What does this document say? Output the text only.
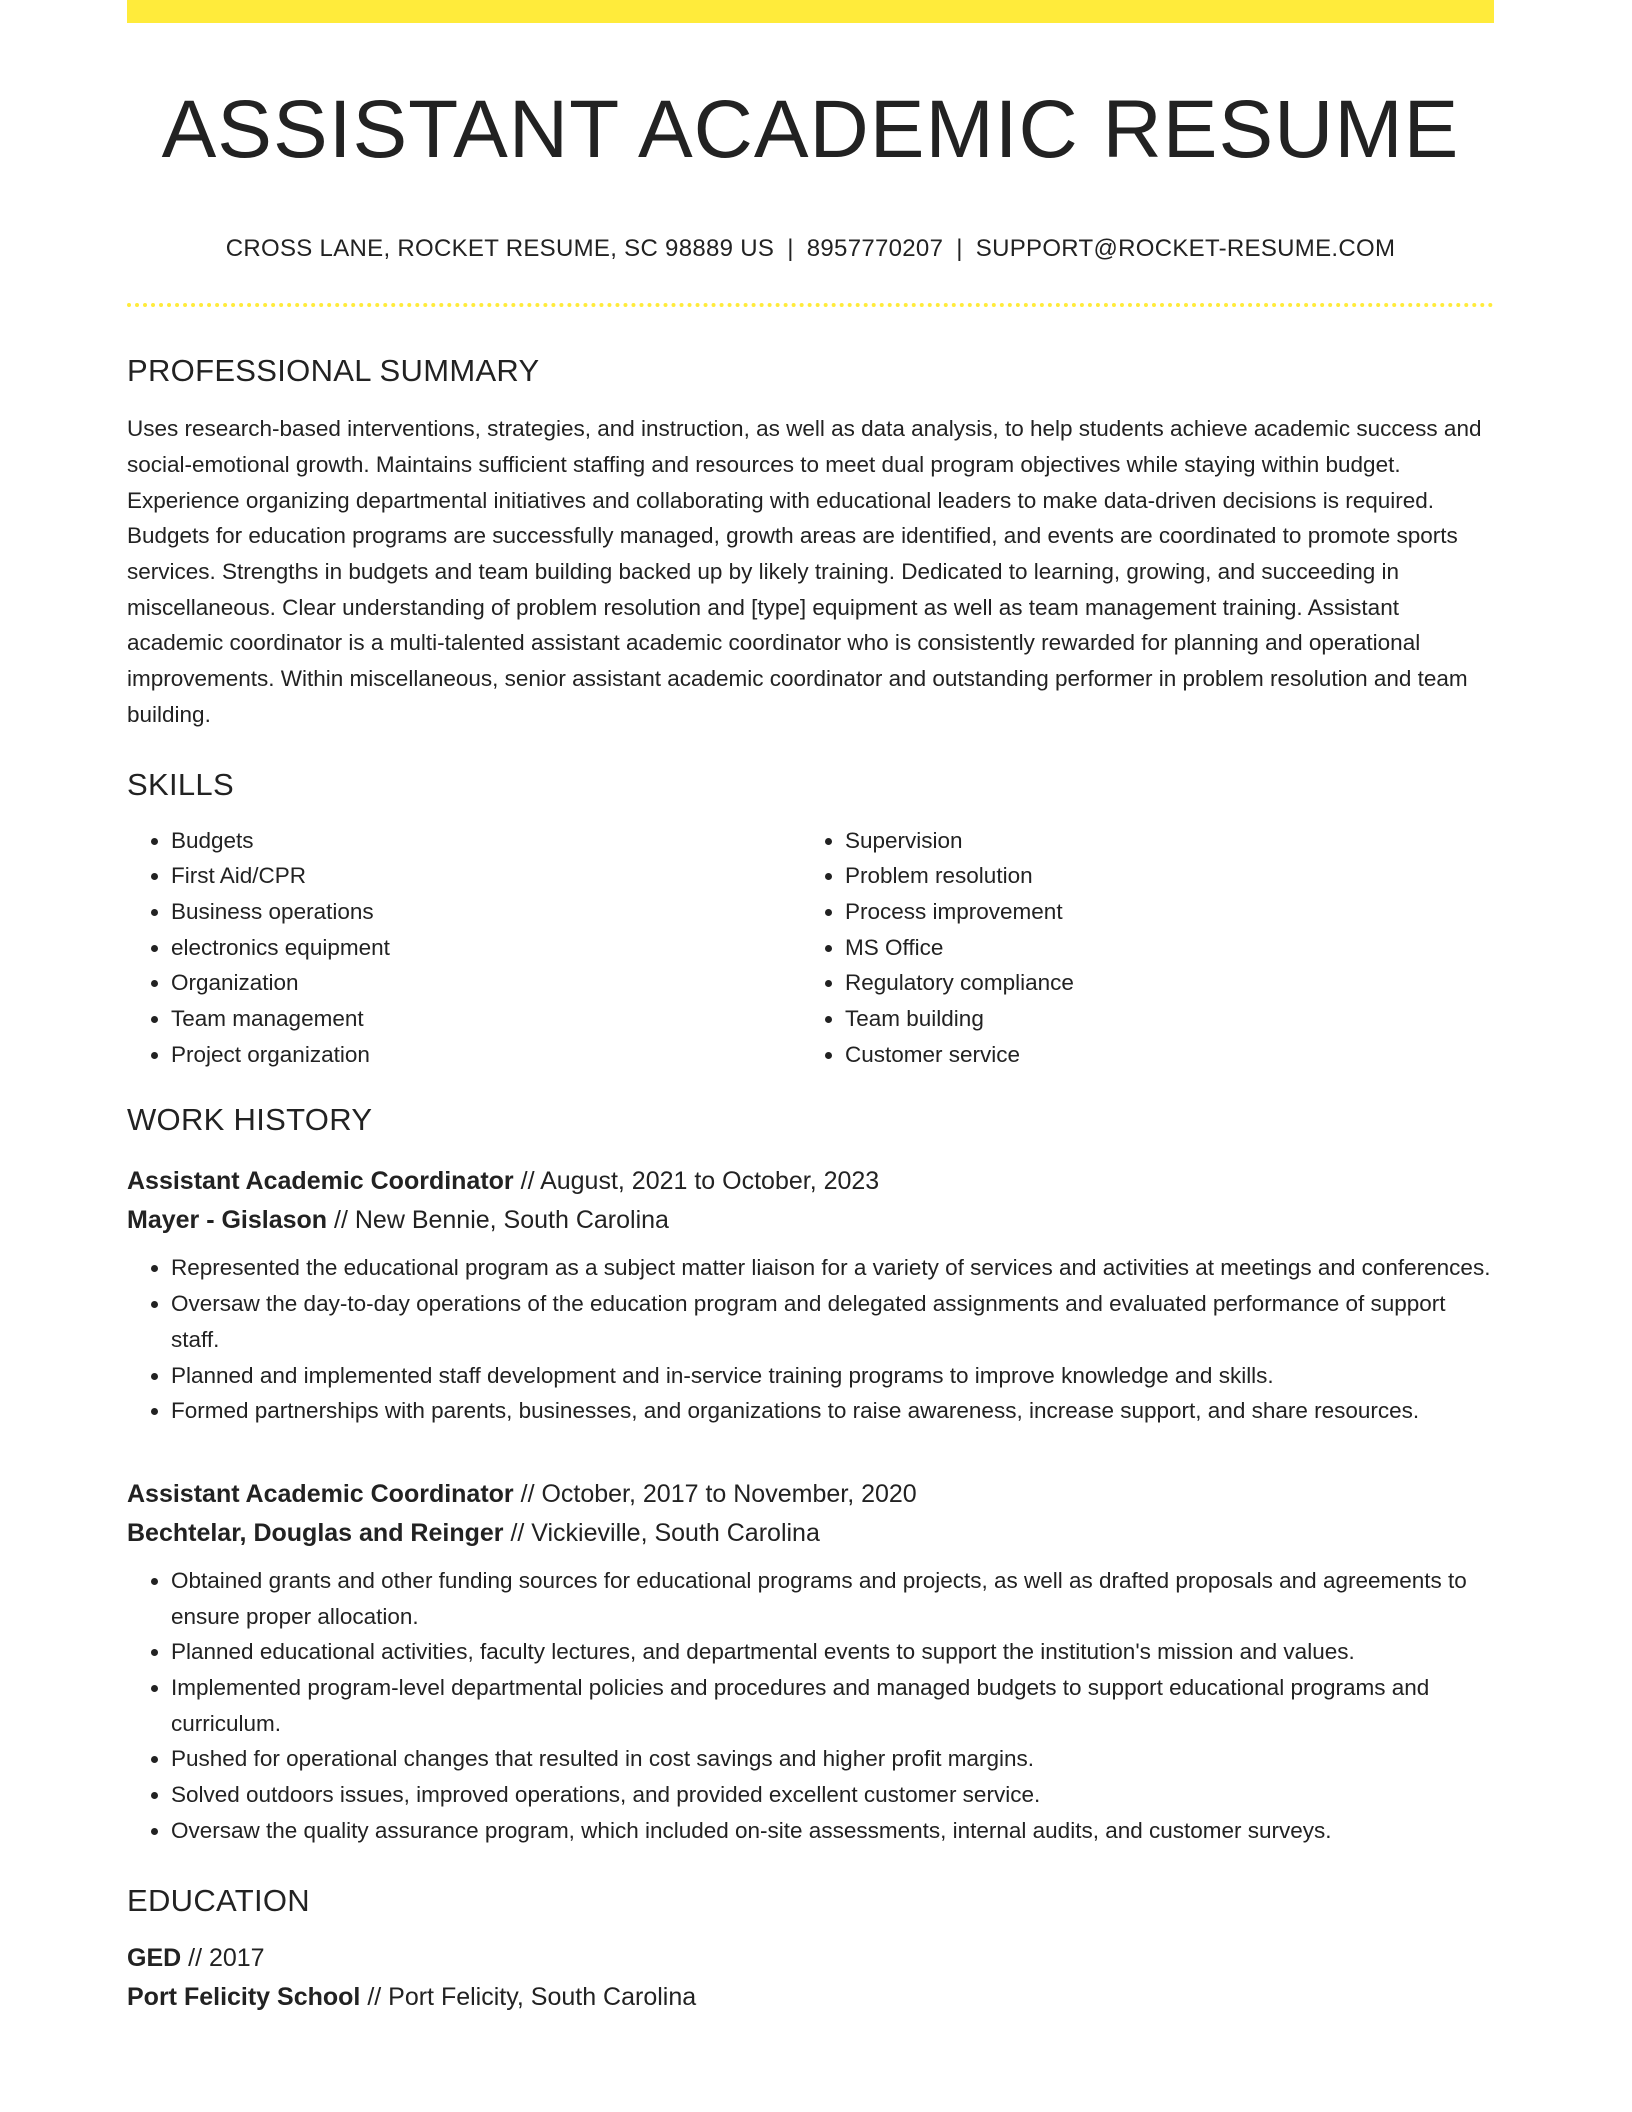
ASSISTANT ACADEMIC RESUME
CROSS LANE, ROCKET RESUME, SC 98889 US | 8957770207 | SUPPORT@ROCKET-RESUME.COM
PROFESSIONAL SUMMARY

Uses research-based interventions, strategies, and instruction, as well as data analysis, to help students achieve academic success and social-emotional growth. Maintains sufficient staffing and resources to meet dual program objectives while staying within budget. Experience organizing departmental initiatives and collaborating with educational leaders to make data-driven decisions is required. Budgets for education programs are successfully managed, growth areas are identified, and events are coordinated to promote sports services. Strengths in budgets and team building backed up by likely training. Dedicated to learning, growing, and succeeding in miscellaneous. Clear understanding of problem resolution and [type] equipment as well as team management training. Assistant academic coordinator is a multi-talented assistant academic coordinator who is consistently rewarded for planning and operational improvements. Within miscellaneous, senior assistant academic coordinator and outstanding performer in problem resolution and team building.

SKILLS
• Budgets
• First Aid/CPR
• Business operations
• electronics equipment
• Organization
• Team management
• Project organization
• Supervision
• Problem resolution
• Process improvement
• MS Office
• Regulatory compliance
• Team building
• Customer service
WORK HISTORY
Assistant Academic Coordinator // August, 2021 to October, 2023
Mayer - Gislason // New Bennie, South Carolina
• Represented the educational program as a subject matter liaison for a variety of services and activities at meetings and conferences.
• Oversaw the day-to-day operations of the education program and delegated assignments and evaluated performance of support staff.
• Planned and implemented staff development and in-service training programs to improve knowledge and skills.
• Formed partnerships with parents, businesses, and organizations to raise awareness, increase support, and share resources.
Assistant Academic Coordinator // October, 2017 to November, 2020
Bechtelar, Douglas and Reinger // Vickieville, South Carolina
• Obtained grants and other funding sources for educational programs and projects, as well as drafted proposals and agreements to ensure proper allocation.
• Planned educational activities, faculty lectures, and departmental events to support the institution's mission and values.
• Implemented program-level departmental policies and procedures and managed budgets to support educational programs and curriculum.
• Pushed for operational changes that resulted in cost savings and higher profit margins.
• Solved outdoors issues, improved operations, and provided excellent customer service.
• Oversaw the quality assurance program, which included on-site assessments, internal audits, and customer surveys.
EDUCATION
GED // 2017
Port Felicity School // Port Felicity, South Carolina
